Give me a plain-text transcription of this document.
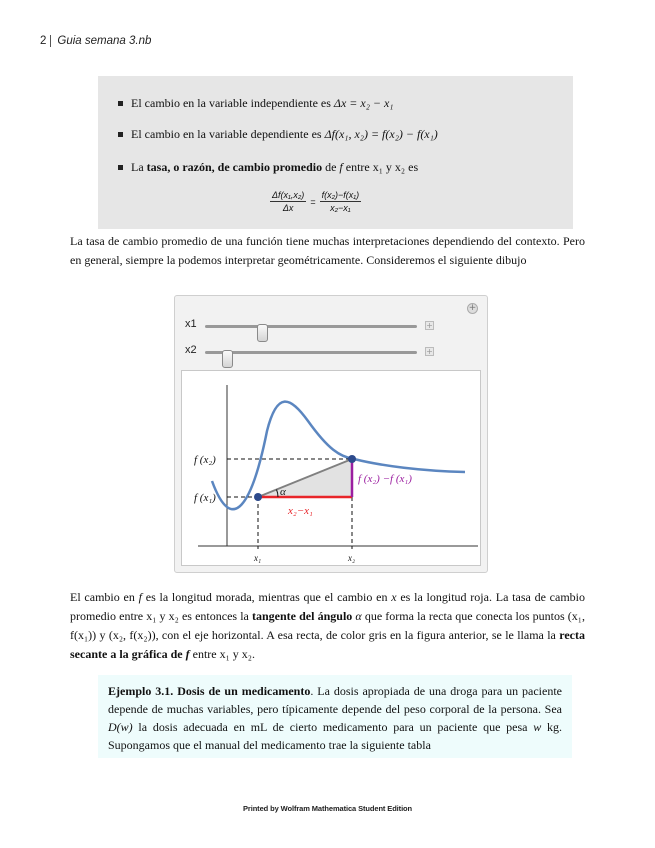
2 Guia semana 3.nb
El cambio en la variable independiente es Δx = x₂ − x₁
El cambio en la variable dependiente es Δf(x₁, x₂) = f(x₂) − f(x₁)
La tasa, o razón, de cambio promedio de f entre x₁ y x₂ es
$\frac{\text{Δf(x₁,x₂)}}{\Delta x} = \frac{\text{f(x₂)−f(x₁)}}{\text{x₂−x₁}}$
La tasa de cambio promedio de una función tiene muchas interpretaciones dependiendo del contexto. Pero en general, siempre la podemos interpretar geométricamente. Consideremos el siguiente dibujo
+
x1	+
x2	+
f (x₂)
f (x₁)	α
f (x₂) −f (x₁)
x₂−x₁
x₁	x₂
El cambio en f es la longitud morada, mientras que el cambio en x es la longitud roja. La tasa de cambio promedio entre x₁ y x₂ es entonces la tangente del ángulo α que forma la recta que conecta los puntos (x₁, f(x₁)) y (x₂, f(x₂)), con el eje horizontal. A esa recta, de color gris en la figura anterior, se le llama la recta secante a la gráfica de f entre x₁ y x₂.
Ejemplo 3.1. Dosis de un medicamento. La dosis apropiada de una droga para un paciente depende de muchas variables, pero típicamente depende del peso corporal de la persona. Sea D(w) la dosis adecuada en mL de cierto medicamento para un paciente que pesa w kg. Supongamos que el manual del medicamento trae la siguiente tabla
Printed by Wolfram Mathematica Student Edition
